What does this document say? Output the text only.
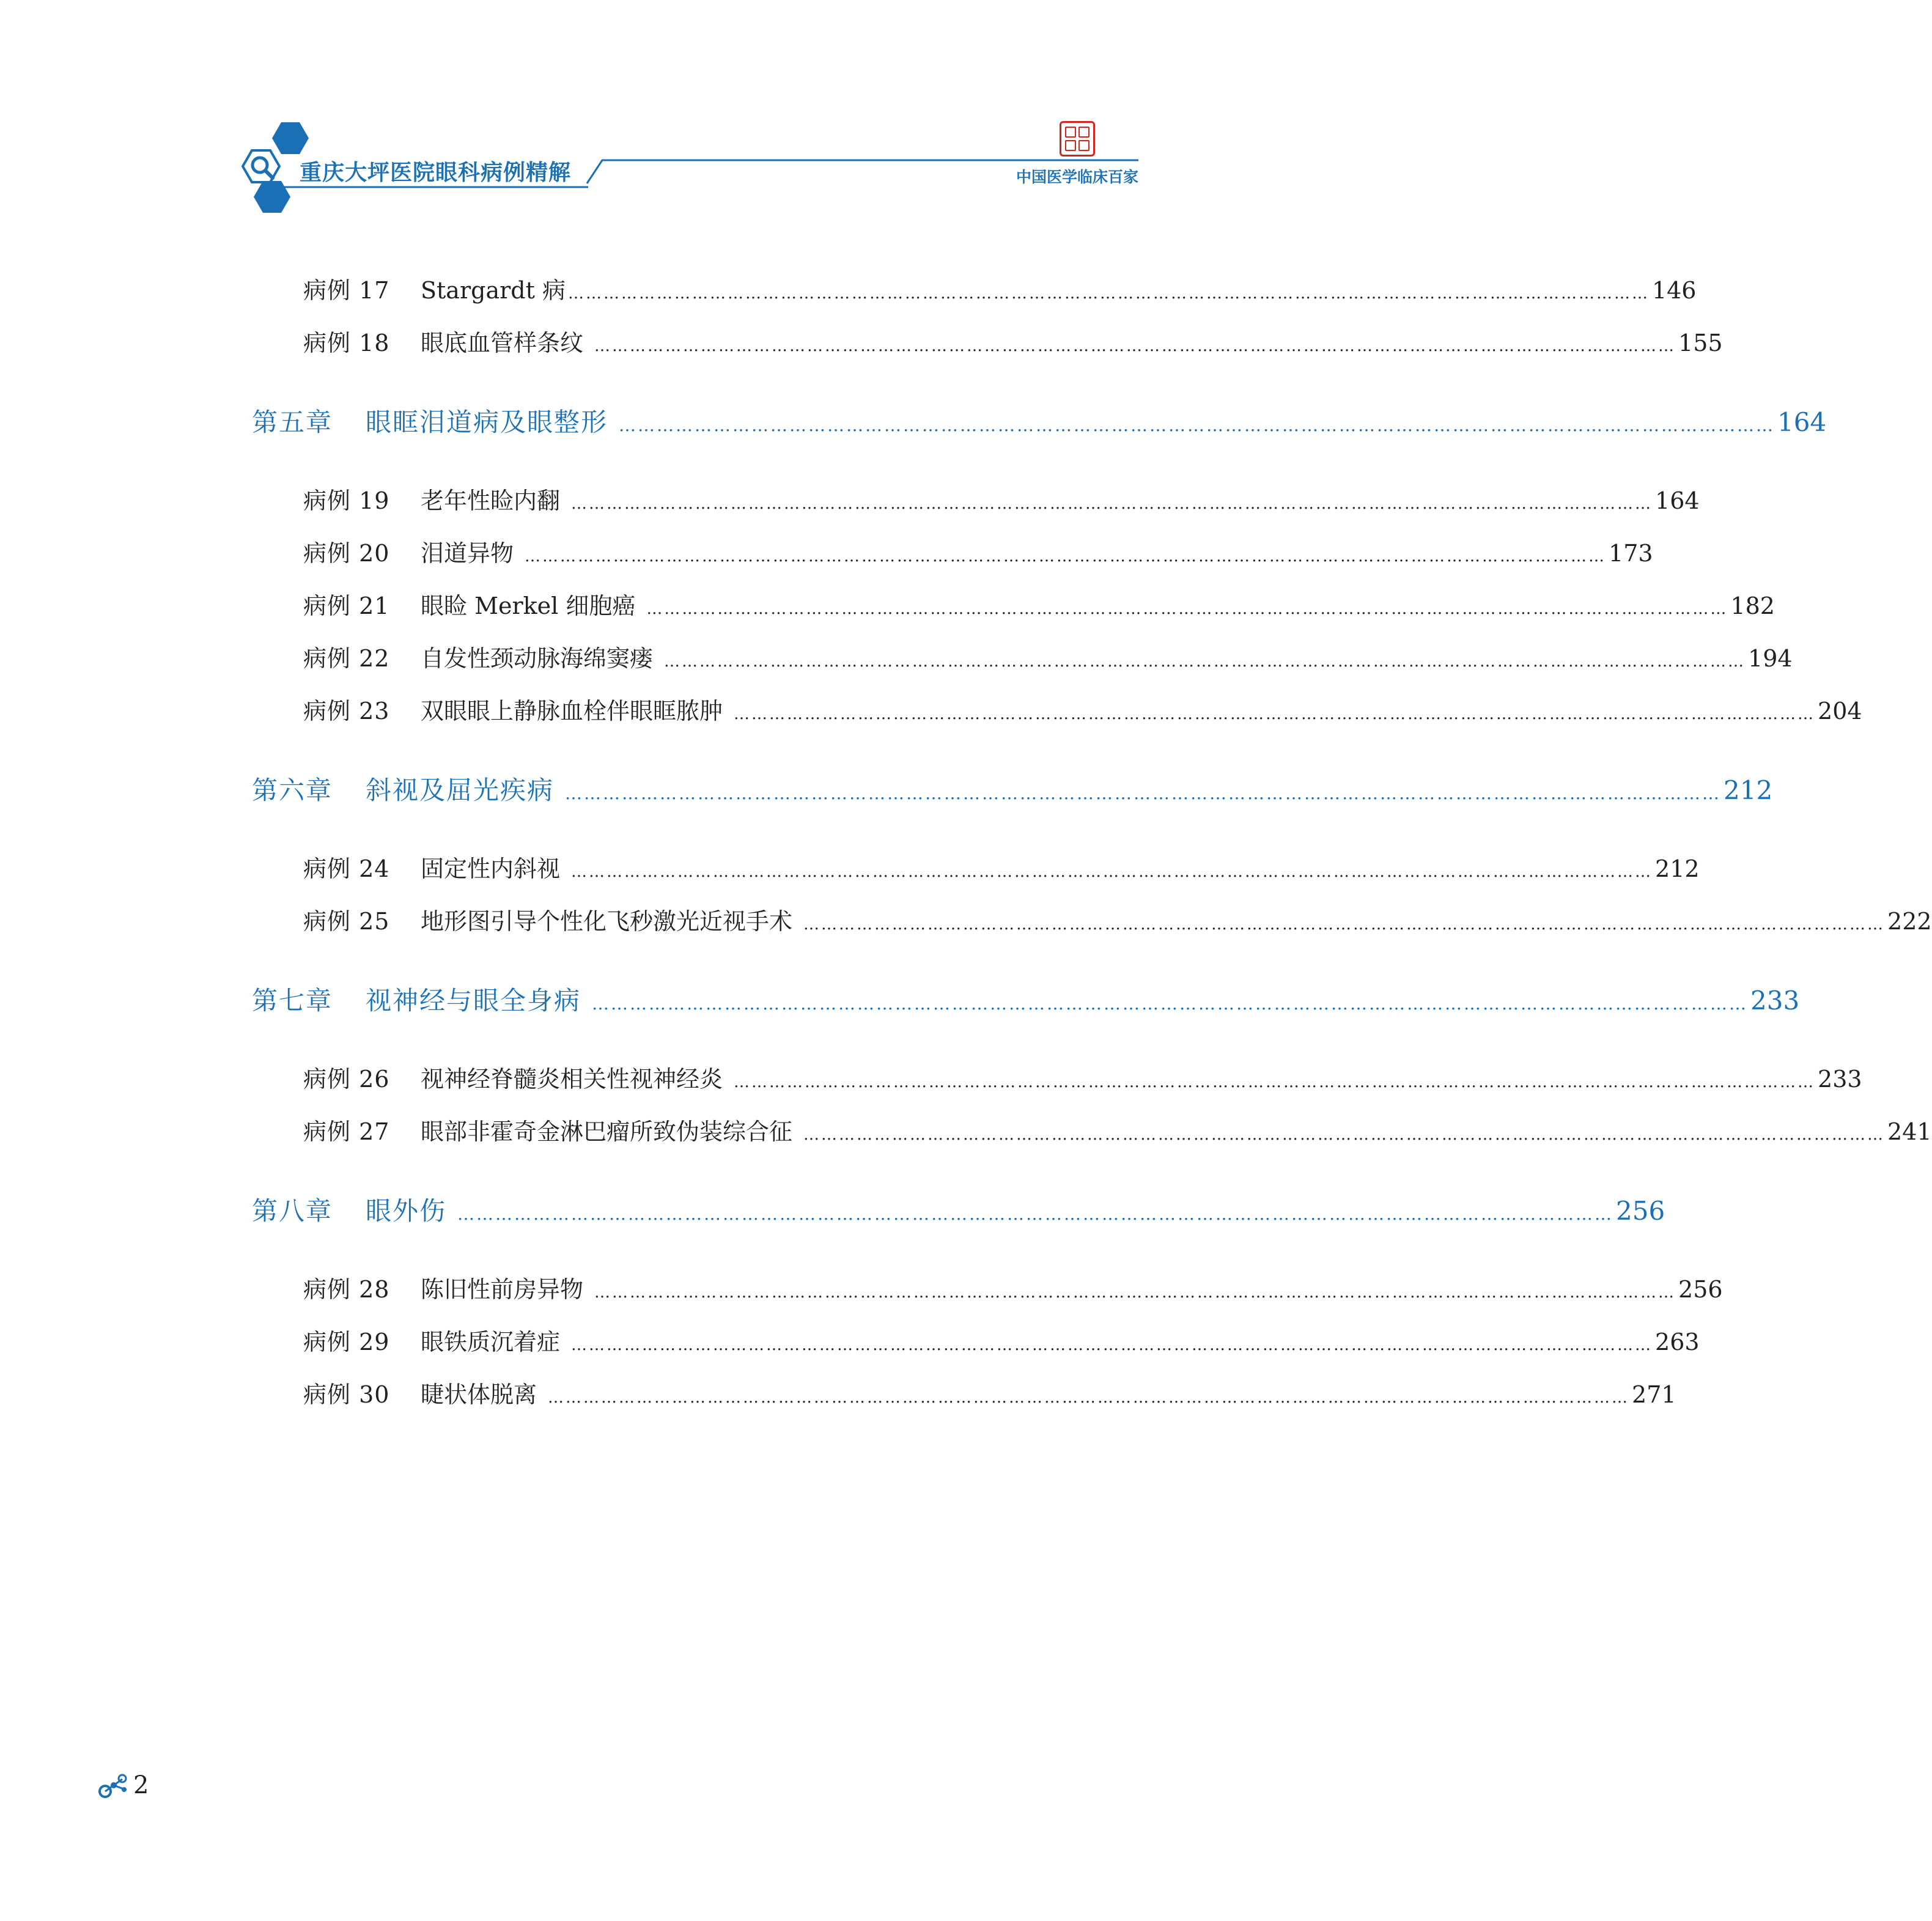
重庆大坪医院眼科病例精解	中国医学临床百家
病例 17	Stargardt 病 ………………………………………………………………………………………………………………………………………………………………… 146
病例 18	眼底血管样条纹 ………………………………………………………………………………………………………………………………………………………………… 155
第五章	眼眶泪道病及眼整形 ………………………………………………………………………………………………………………………………………………………………… 164
病例 19	老年性睑内翻 ………………………………………………………………………………………………………………………………………………………………… 164
病例 20	泪道异物 ………………………………………………………………………………………………………………………………………………………………… 173
病例 21	眼睑 Merkel 细胞癌 ………………………………………………………………………………………………………………………………………………………………… 182
病例 22	自发性颈动脉海绵窦瘘 ………………………………………………………………………………………………………………………………………………………………… 194
病例 23	双眼眼上静脉血栓伴眼眶脓肿 ………………………………………………………………………………………………………………………………………………………………… 204
第六章	斜视及屈光疾病 ………………………………………………………………………………………………………………………………………………………………… 212
病例 24	固定性内斜视 ………………………………………………………………………………………………………………………………………………………………… 212
病例 25	地形图引导个性化飞秒激光近视手术 ………………………………………………………………………………………………………………………………………………………………… 222
第七章	视神经与眼全身病 ………………………………………………………………………………………………………………………………………………………………… 233
病例 26	视神经脊髓炎相关性视神经炎 ………………………………………………………………………………………………………………………………………………………………… 233
病例 27	眼部非霍奇金淋巴瘤所致伪装综合征 ………………………………………………………………………………………………………………………………………………………………… 241
第八章	眼外伤 ………………………………………………………………………………………………………………………………………………………………… 256
病例 28	陈旧性前房异物 ………………………………………………………………………………………………………………………………………………………………… 256
病例 29	眼铁质沉着症 ………………………………………………………………………………………………………………………………………………………………… 263
病例 30	睫状体脱离 ………………………………………………………………………………………………………………………………………………………………… 271
2
